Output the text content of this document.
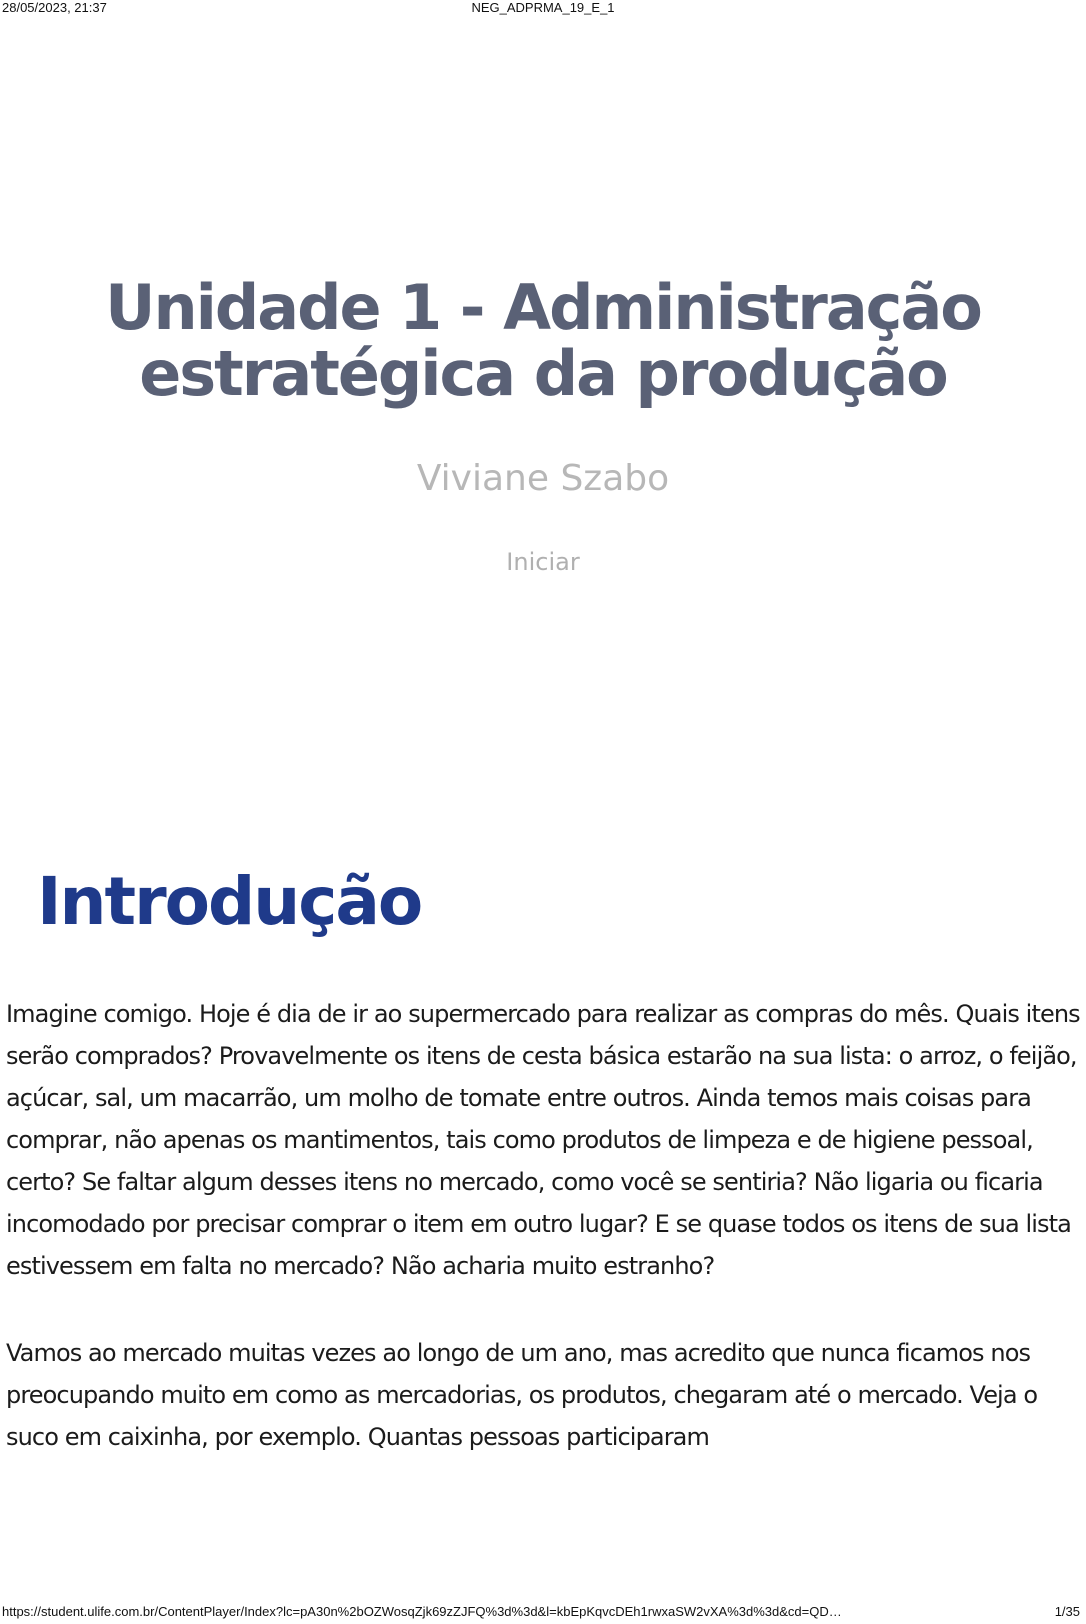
28/05/2023, 21:37	NEG_ADPRMA_19_E_1
Unidade 1 - Administração
estratégica da produção
Viviane Szabo
Iniciar
Introdução

Imagine comigo. Hoje é dia de ir ao supermercado para realizar as compras do mês. Quais itens serão comprados? Provavelmente os itens de cesta básica estarão na sua lista: o arroz, o feijão, açúcar, sal, um macarrão, um molho de tomate entre outros. Ainda temos mais coisas para comprar, não apenas os mantimentos, tais como produtos de limpeza e de higiene pessoal, certo? Se faltar algum desses itens no mercado, como você se sentiria? Não ligaria ou ficaria incomodado por precisar comprar o item em outro lugar? E se quase todos os itens de sua lista estivessem em falta no mercado? Não acharia muito estranho?

Vamos ao mercado muitas vezes ao longo de um ano, mas acredito que nunca ficamos nos preocupando muito em como as mercadorias, os produtos, chegaram até o mercado. Veja o suco em caixinha, por exemplo. Quantas pessoas participaram

https://student.ulife.com.br/ContentPlayer/Index?lc=pA30n%2bOZWosqZjk69zZJFQ%3d%3d&l=kbEpKqvcDEh1rwxaSW2vXA%3d%3d&cd=QD…	1/35
